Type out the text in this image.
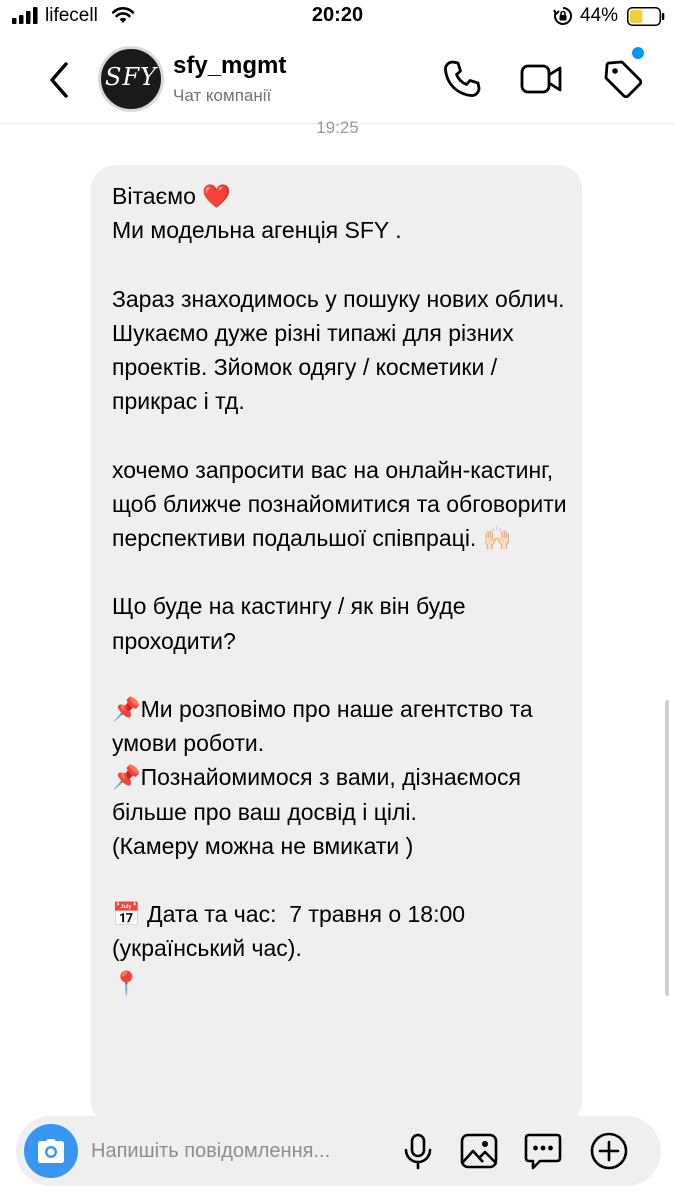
lifecell	20:20	44%
SFY sfy_mgmt
Чат компанії
19:25
Вітаємо ❤️
Ми модельна агенція SFY .

Зараз знаходимось у пошуку нових облич.
Шукаємо дуже різні типажі для різних проектів. Зйомок одягу / косметики / прикрас і тд.

хочемо запросити вас на онлайн-кастинг, щоб ближче познайомитися та обговорити перспективи подальшої співпраці. 🙌🏻

Що буде на кастингу / як він буде проходити?

📌Ми розповімо про наше агентство та умови роботи.
📌Познайомимося з вами, дізнаємося більше про ваш досвід і цілі.
(Камеру можна не вмикати )

📅 Дата та час:  7 травня о 18:00 (український час).
📍
Напишіть повідомлення...
